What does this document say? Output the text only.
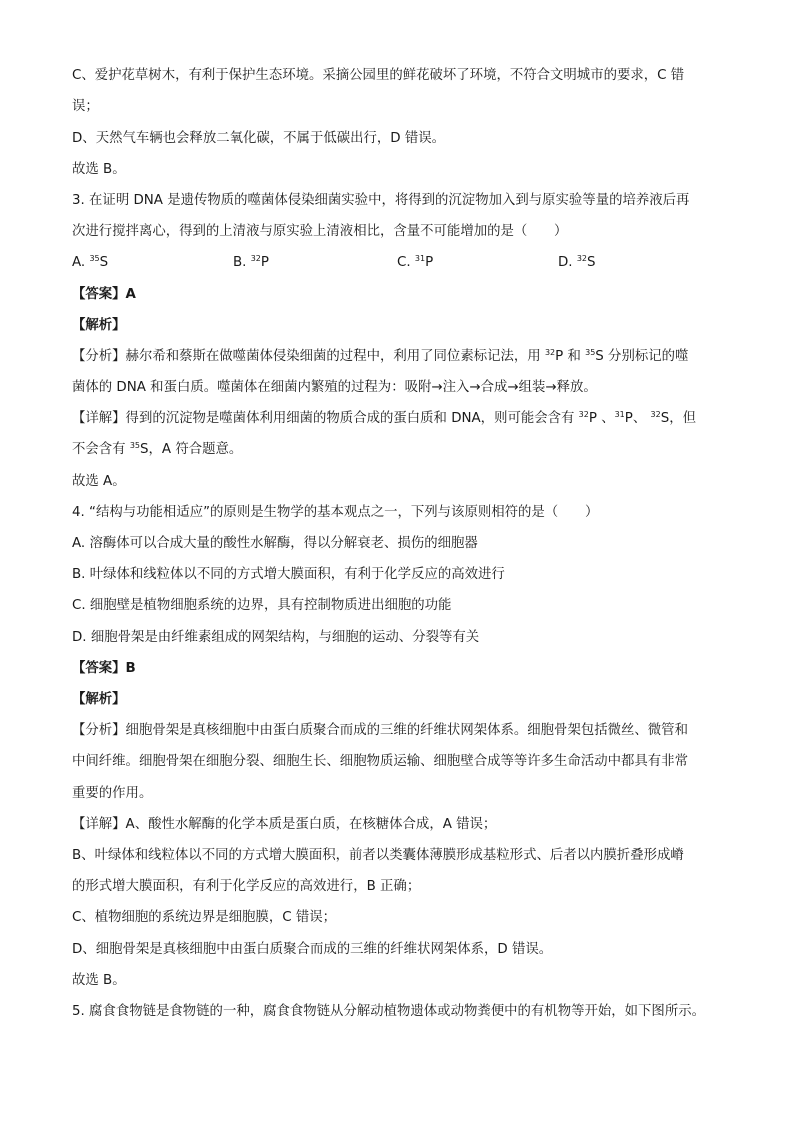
C、爱护花草树木，有利于保护生态环境。采摘公园里的鲜花破坏了环境，不符合文明城市的要求，C 错
误；
D、天然气车辆也会释放二氧化碳，不属于低碳出行，D 错误。
故选 B。
3. 在证明 DNA 是遗传物质的噬菌体侵染细菌实验中，将得到的沉淀物加入到与原实验等量的培养液后再
次进行搅拌离心，得到的上清液与原实验上清液相比，含量不可能增加的是（　　）
A. $^{35}$S	B. $^{32}$P	C. $^{31}$P	D. $^{32}$S
【答案】A
【解析】
【分析】赫尔希和蔡斯在做噬菌体侵染细菌的过程中，利用了同位素标记法，用 $^{32}$P 和 $^{35}$S 分别标记的噬
菌体的 DNA 和蛋白质。噬菌体在细菌内繁殖的过程为：吸附→注入→合成→组装→释放。
【详解】得到的沉淀物是噬菌体利用细菌的物质合成的蛋白质和 DNA，则可能会含有 $^{32}$P 、$^{31}$P、 $^{32}$S，但
不会含有 $^{35}$S，A 符合题意。
故选 A。
4. “结构与功能相适应”的原则是生物学的基本观点之一，下列与该原则相符的是（　　）
A. 溶酶体可以合成大量的酸性水解酶，得以分解衰老、损伤的细胞器
B. 叶绿体和线粒体以不同的方式增大膜面积，有利于化学反应的高效进行
C. 细胞壁是植物细胞系统的边界，具有控制物质进出细胞的功能
D. 细胞骨架是由纤维素组成的网架结构，与细胞的运动、分裂等有关
【答案】B
【解析】
【分析】细胞骨架是真核细胞中由蛋白质聚合而成的三维的纤维状网架体系。细胞骨架包括微丝、微管和
中间纤维。细胞骨架在细胞分裂、细胞生长、细胞物质运输、细胞壁合成等等许多生命活动中都具有非常
重要的作用。
【详解】A、酸性水解酶的化学本质是蛋白质，在核糖体合成，A 错误；
B、叶绿体和线粒体以不同的方式增大膜面积，前者以类囊体薄膜形成基粒形式、后者以内膜折叠形成嵴
的形式增大膜面积，有利于化学反应的高效进行，B 正确；
C、植物细胞的系统边界是细胞膜，C 错误；
D、细胞骨架是真核细胞中由蛋白质聚合而成的三维的纤维状网架体系，D 错误。
故选 B。
5. 腐食食物链是食物链的一种，腐食食物链从分解动植物遗体或动物粪便中的有机物等开始，如下图所示。
